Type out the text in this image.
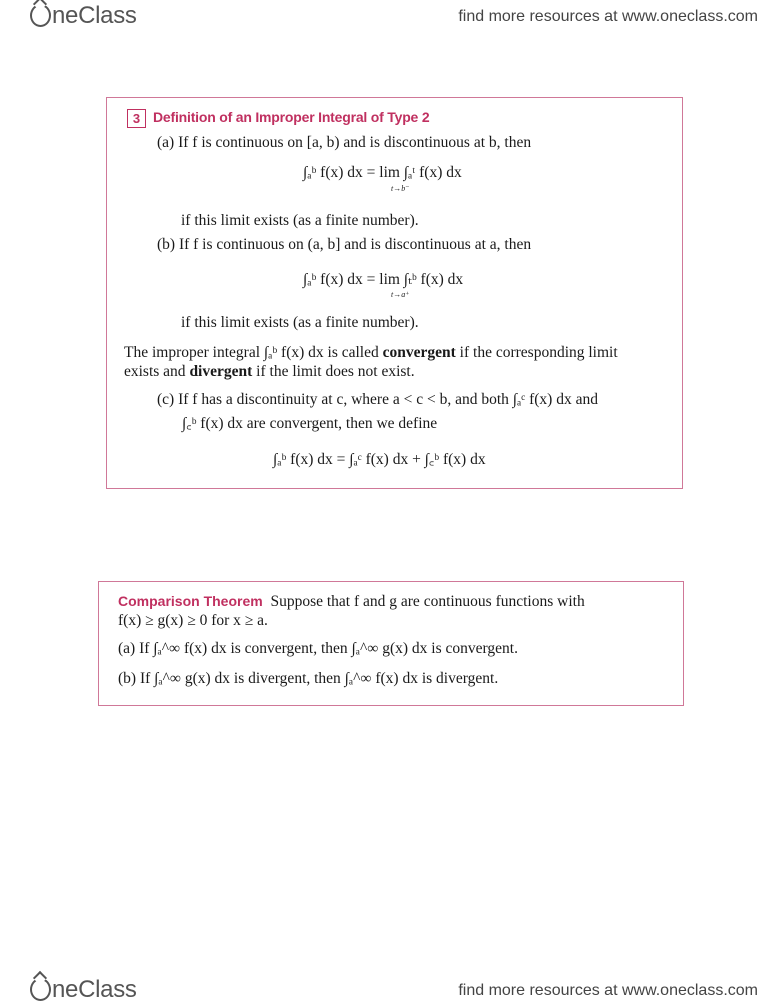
neClass	find more resources at www.oneclass.com
3 Definition of an Improper Integral of Type 2
(a) If f is continuous on [a, b) and is discontinuous at b, then
∫ₐᵇ f(x) dx = lim ∫ₐᵗ f(x) dx
t→b⁻
if this limit exists (as a finite number).
(b) If f is continuous on (a, b] and is discontinuous at a, then
∫ₐᵇ f(x) dx = lim ∫ₜᵇ f(x) dx
t→a⁺
if this limit exists (as a finite number).
The improper integral ∫ₐᵇ f(x) dx is called convergent if the corresponding limit
exists and divergent if the limit does not exist.
(c) If f has a discontinuity at c, where a < c < b, and both ∫ₐᶜ f(x) dx and
∫꜀ᵇ f(x) dx are convergent, then we define
∫ₐᵇ f(x) dx = ∫ₐᶜ f(x) dx + ∫꜀ᵇ f(x) dx
Comparison Theorem Suppose that f and g are continuous functions with
f(x) ≥ g(x) ≥ 0 for x ≥ a.
(a) If ∫ₐ^∞ f(x) dx is convergent, then ∫ₐ^∞ g(x) dx is convergent.
(b) If ∫ₐ^∞ g(x) dx is divergent, then ∫ₐ^∞ f(x) dx is divergent.
neClass	find more resources at www.oneclass.com
